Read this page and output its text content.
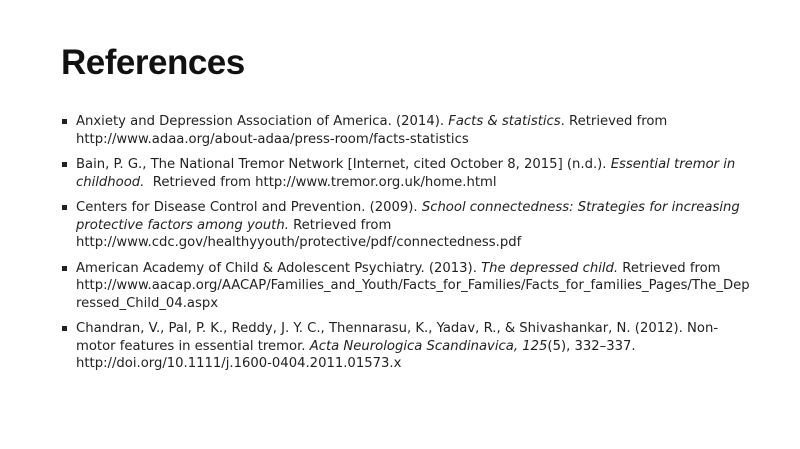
References
Anxiety and Depression Association of America. (2014). Facts & statistics. Retrieved from http://www.adaa.org/about-adaa/press-room/facts-statistics
Bain, P. G., The National Tremor Network [Internet, cited October 8, 2015] (n.d.). Essential tremor in childhood.  Retrieved from http://www.tremor.org.uk/home.html
Centers for Disease Control and Prevention. (2009). School connectedness: Strategies for increasing protective factors among youth. Retrieved from http://www.cdc.gov/healthyyouth/protective/pdf/connectedness.pdf
American Academy of Child & Adolescent Psychiatry. (2013). The depressed child. Retrieved from http://www.aacap.org/AACAP/Families_and_Youth/Facts_for_Families/Facts_for_families_Pages/The_Depressed_Child_04.aspx
Chandran, V., Pal, P. K., Reddy, J. Y. C., Thennarasu, K., Yadav, R., & Shivashankar, N. (2012). Non-motor features in essential tremor. Acta Neurologica Scandinavica, 125(5), 332–337. http://doi.org/10.1111/j.1600-0404.2011.01573.x
